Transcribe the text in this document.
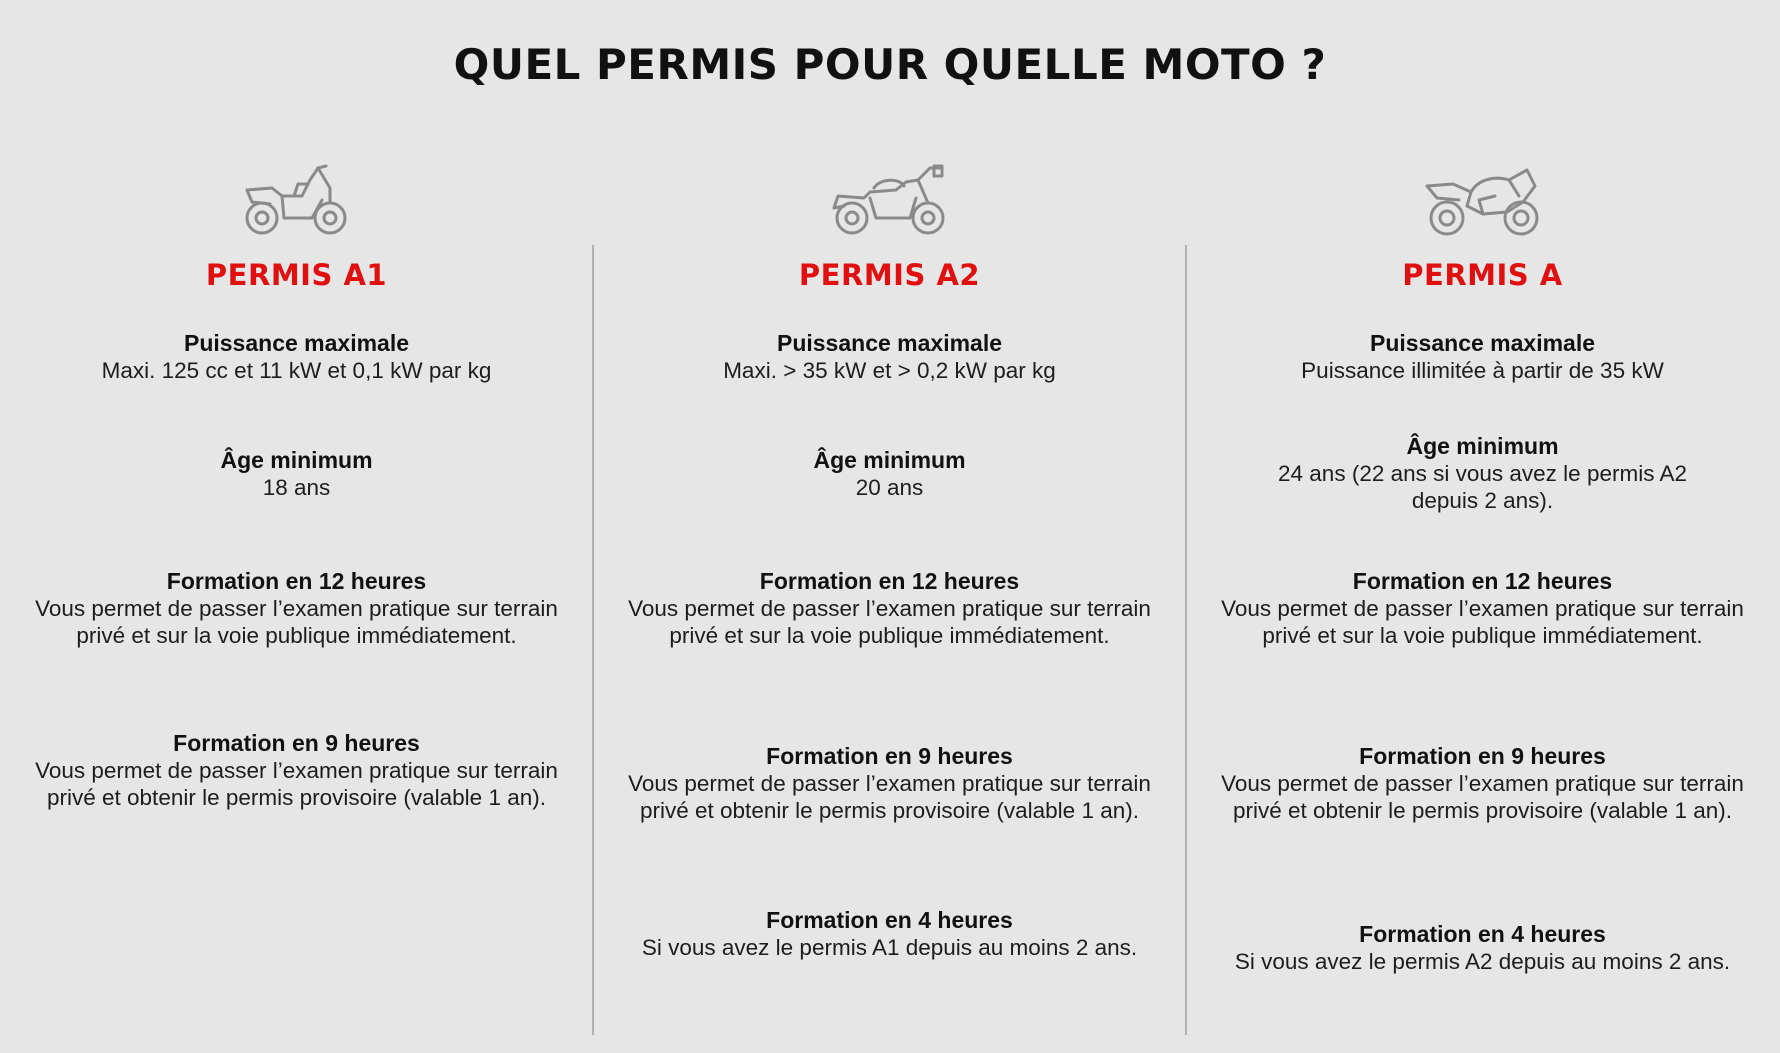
QUEL PERMIS POUR QUELLE MOTO ?
PERMIS A1
Puissance maximale
Maxi. 125 cc et 11 kW et 0,1 kW par kg
Âge minimum
18 ans
Formation en 12 heures
Vous permet de passer l’examen pratique sur terrain privé et sur la voie publique immédiatement.
Formation en 9 heures
Vous permet de passer l’examen pratique sur terrain privé et obtenir le permis provisoire (valable 1 an).
PERMIS A2
Puissance maximale
Maxi. > 35 kW et > 0,2 kW par kg
Âge minimum
20 ans
Formation en 12 heures
Vous permet de passer l’examen pratique sur terrain privé et sur la voie publique immédiatement.
Formation en 9 heures
Vous permet de passer l’examen pratique sur terrain privé et obtenir le permis provisoire (valable 1 an).
Formation en 4 heures
Si vous avez le permis A1 depuis au moins 2 ans.
PERMIS A
Puissance maximale
Puissance illimitée à partir de 35 kW
Âge minimum
24 ans (22 ans si vous avez le permis A2 depuis 2 ans).
Formation en 12 heures
Vous permet de passer l’examen pratique sur terrain privé et sur la voie publique immédiatement.
Formation en 9 heures
Vous permet de passer l’examen pratique sur terrain privé et obtenir le permis provisoire (valable 1 an).
Formation en 4 heures
Si vous avez le permis A2 depuis au moins 2 ans.
